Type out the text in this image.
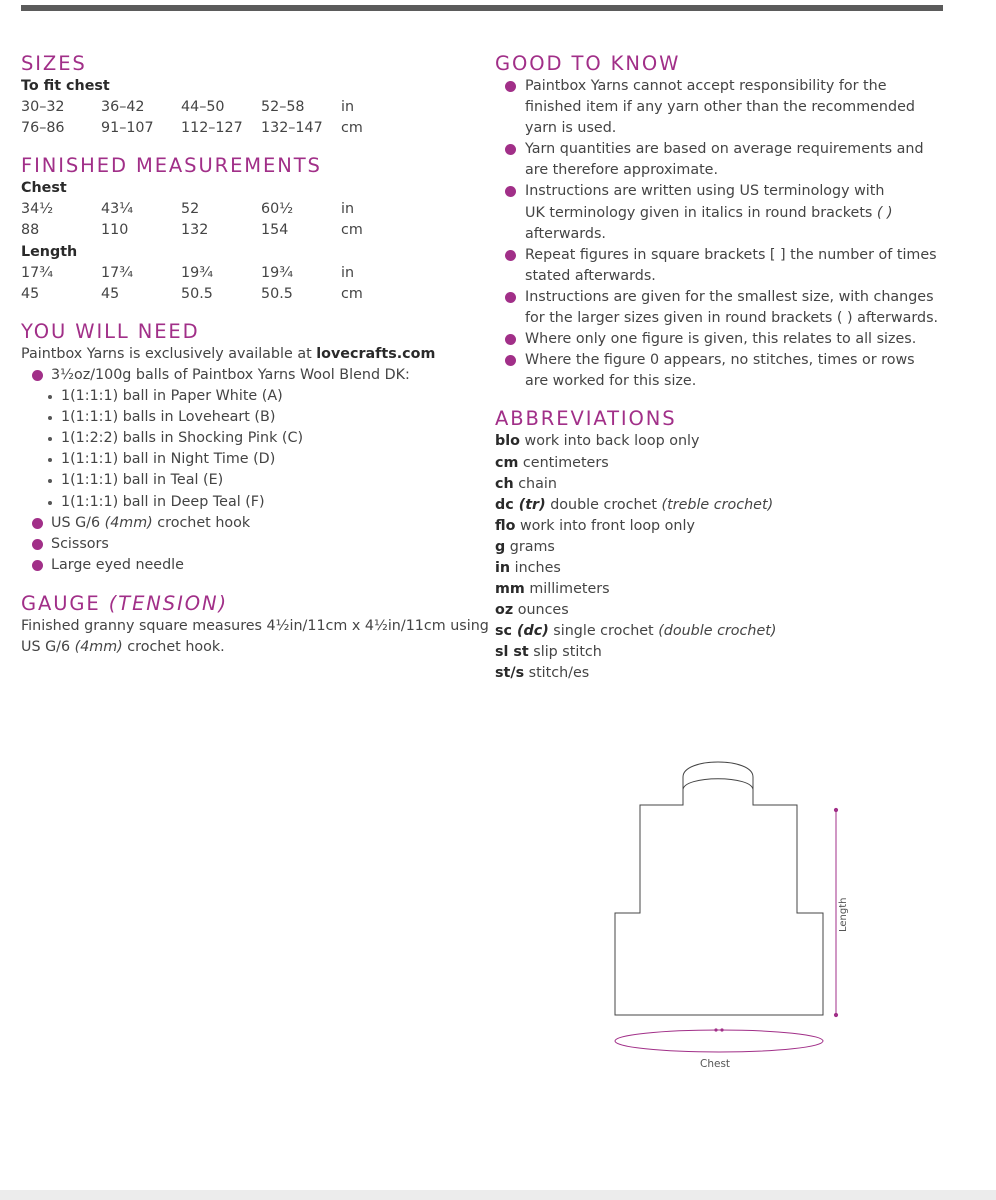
SIZES
To fit chest
30–32	36–42	44–50	52–58	in
76–86	91–107	112–127	132–147	cm
FINISHED MEASUREMENTS
Chest
34½	43¼	52	60½	in
88	110	132	154	cm
Length
17¾	17¾	19¾	19¾	in
45	45	50.5	50.5	cm
YOU WILL NEED
Paintbox Yarns is exclusively available at lovecrafts.com
3½oz/100g balls of Paintbox Yarns Wool Blend DK:
1(1:1:1) ball in Paper White (A)
1(1:1:1) balls in Loveheart (B)
1(1:2:2) balls in Shocking Pink (C)
1(1:1:1) ball in Night Time (D)
1(1:1:1) ball in Teal (E)
1(1:1:1) ball in Deep Teal (F)
US G/6 (4mm) crochet hook
Scissors
Large eyed needle
GAUGE (TENSION)
Finished granny square measures 4½in/11cm x 4½in/11cm using
US G/6 (4mm) crochet hook.
GOOD TO KNOW
Paintbox Yarns cannot accept responsibility for the
finished item if any yarn other than the recommended
yarn is used.
Yarn quantities are based on average requirements and
are therefore approximate.
Instructions are written using US terminology with
UK terminology given in italics in round brackets ( )
afterwards.
Repeat figures in square brackets [ ] the number of times
stated afterwards.
Instructions are given for the smallest size, with changes
for the larger sizes given in round brackets ( ) afterwards.
Where only one figure is given, this relates to all sizes.
Where the figure 0 appears, no stitches, times or rows
are worked for this size.
ABBREVIATIONS
blo work into back loop only
cm centimeters
ch chain
dc (tr) double crochet (treble crochet)
flo work into front loop only
g grams
in inches
mm millimeters
oz ounces
sc (dc) single crochet (double crochet)
sl st slip stitch
st/s stitch/es
Length
Chest
